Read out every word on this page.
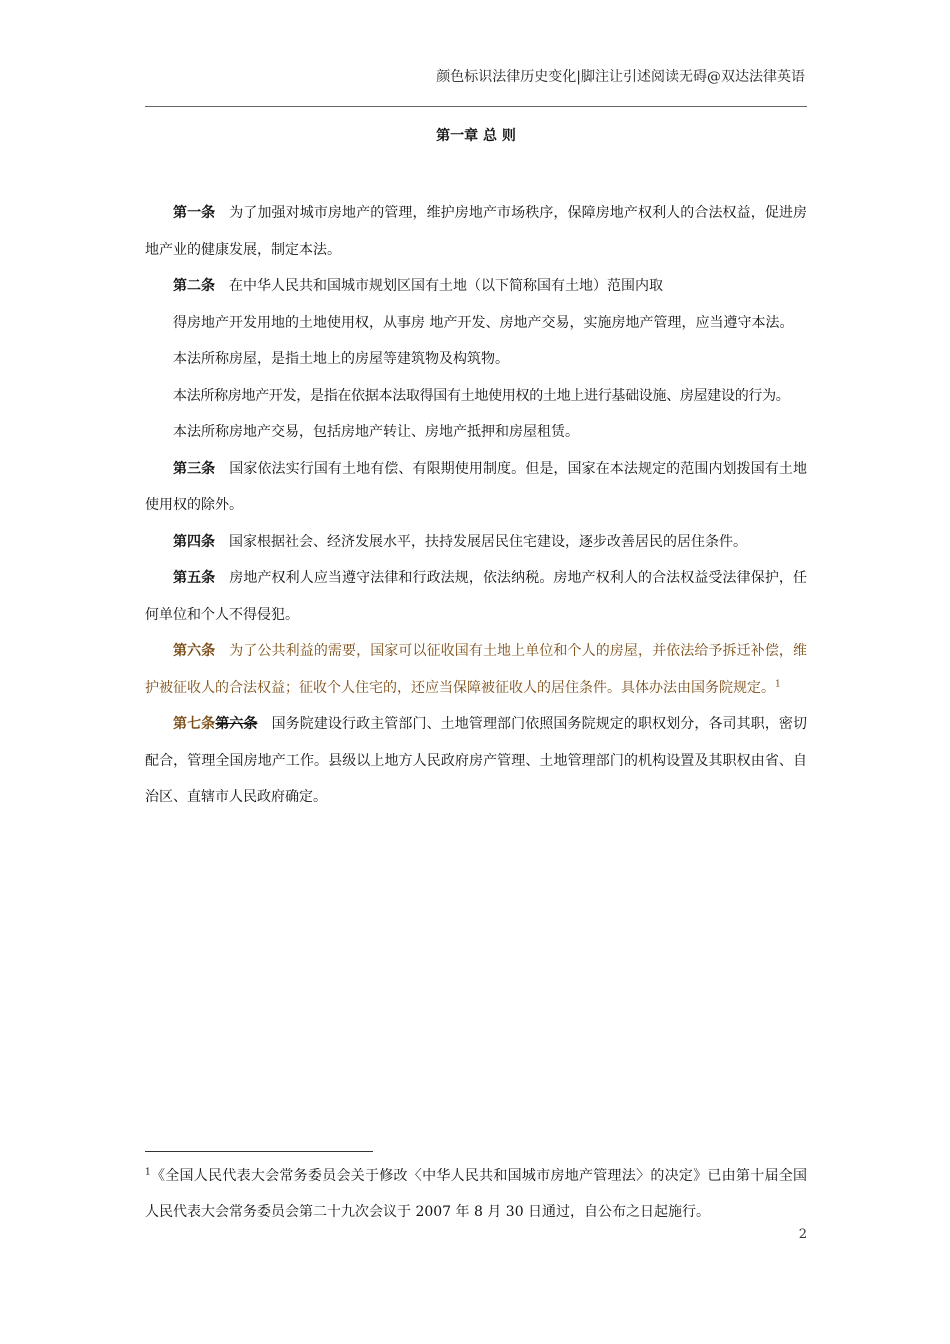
颜色标识法律历史变化|脚注让引述阅读无碍@双达法律英语
第一章 总 则

第一条 为了加强对城市房地产的管理，维护房地产市场秩序，保障房地产权利人的合法权益，促进房地产业的健康发展，制定本法。

第二条 在中华人民共和国城市规划区国有土地（以下简称国有土地）范围内取

得房地产开发用地的土地使用权，从事房 地产开发、房地产交易，实施房地产管理，应当遵守本法。

本法所称房屋，是指土地上的房屋等建筑物及构筑物。

本法所称房地产开发，是指在依据本法取得国有土地使用权的土地上进行基础设施、房屋建设的行为。

本法所称房地产交易，包括房地产转让、房地产抵押和房屋租赁。

第三条 国家依法实行国有土地有偿、有限期使用制度。但是，国家在本法规定的范围内划拨国有土地使用权的除外。

第四条 国家根据社会、经济发展水平，扶持发展居民住宅建设，逐步改善居民的居住条件。

第五条 房地产权利人应当遵守法律和行政法规，依法纳税。房地产权利人的合法权益受法律保护，任何单位和个人不得侵犯。

第六条 为了公共利益的需要，国家可以征收国有土地上单位和个人的房屋，并依法给予拆迁补偿，维护被征收人的合法权益；征收个人住宅的，还应当保障被征收人的居住条件。具体办法由国务院规定。$^1$

第七条第六条 国务院建设行政主管部门、土地管理部门依照国务院规定的职权划分，各司其职，密切配合，管理全国房地产工作。县级以上地方人民政府房产管理、土地管理部门的机构设置及其职权由省、自治区、直辖市人民政府确定。

$^1$《全国人民代表大会常务委员会关于修改〈中华人民共和国城市房地产管理法〉的决定》已由第十届全国人民代表大会常务委员会第二十九次会议于 2007 年 8 月 30 日通过，自公布之日起施行。
2
